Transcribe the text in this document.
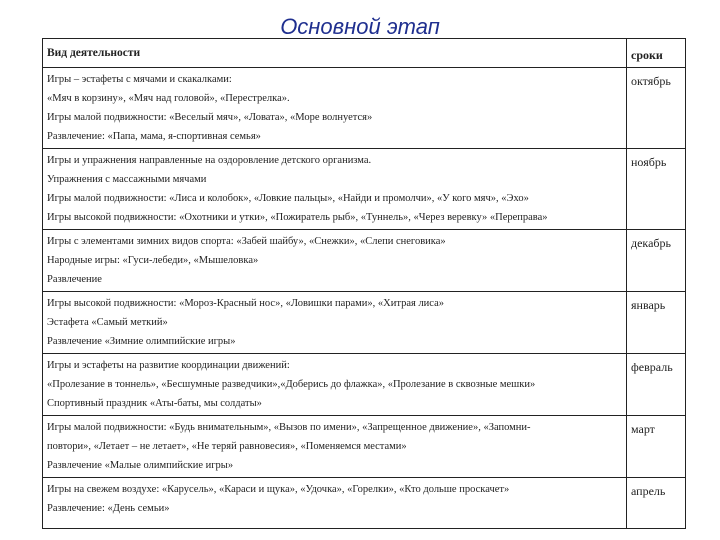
Основной этап
Вид деятельности	сроки

Игры – эстафеты с мячами и скакалками:
«Мяч в корзину», «Мяч над головой», «Перестрелка».
Игры малой подвижности: «Веселый мяч», «Ловата», «Море волнуется»
Развлечение: «Папа, мама, я-спортивная семья»	октябрь

Игры и упражнения направленные на оздоровление детского организма.
Упражнения с массажными мячами
Игры малой подвижности: «Лиса и колобок», «Ловкие пальцы», «Найди и промолчи», «У кого мяч», «Эхо»
Игры высокой подвижности: «Охотники и утки», «Пожиратель рыб», «Туннель», «Через веревку» «Переправа»	ноябрь

Игры с элементами зимних видов спорта: «Забей шайбу», «Снежки», «Слепи снеговика»
Народные игры: «Гуси-лебеди», «Мышеловка»
Развлечение	декабрь

Игры высокой подвижности: «Мороз-Красный нос», «Ловишки парами», «Хитрая лиса»
Эстафета «Самый меткий»
Развлечение «Зимние олимпийские игры»	январь

Игры и эстафеты на развитие координации движений:
«Пролезание в тоннель», «Бесшумные разведчики»,«Доберись до флажка», «Пролезание в сквозные мешки»
Спортивный праздник «Аты-баты, мы солдаты»	февраль

Игры малой подвижности: «Будь внимательным», «Вызов по имени», «Запрещенное движение», «Запомни-
повтори», «Летает – не летает», «Не теряй равновесия», «Поменяемся местами»
Развлечение «Малые олимпийские игры»	март

Игры на свежем воздухе: «Карусель», «Караси и щука», «Удочка», «Горелки», «Кто дольше проскачет»
Развлечение: «День семьи»	апрель
